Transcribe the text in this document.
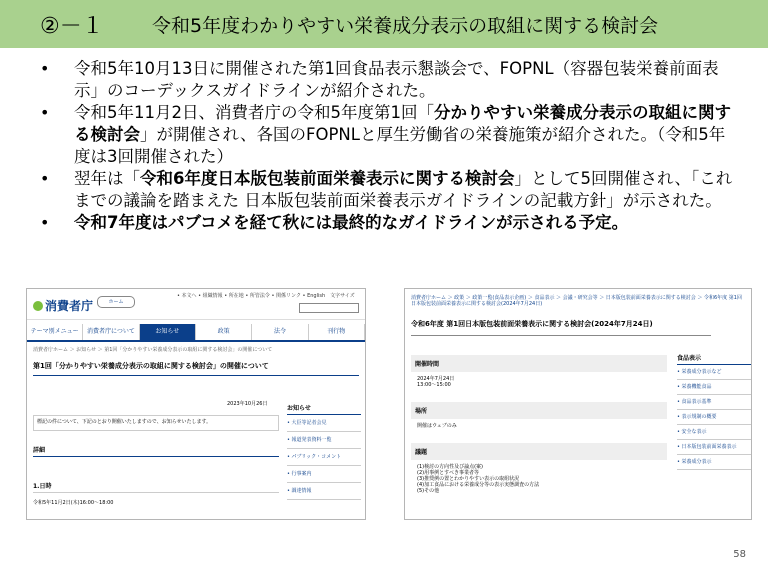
②－１	令和5年度わかりやすい栄養成分表示の取組に関する検討会
• 令和5年10月13日に開催された第1回食品表示懇談会で、FOPNL（容器包装栄養前面表示」のコーデックスガイドラインが紹介された。
• 令和5年11月2日、消費者庁の令和5年度第1回「分かりやすい栄養成分表示の取組に関する検討会」が開催され、各国のFOPNLと厚生労働省の栄養施策が紹介された。（令和5年度は3回開催された）
• 翌年は「令和6年度日本版包装前面栄養表示に関する検討会」として5回開催され、「これまでの議論を踏まえた 日本版包装前面栄養表示ガイドラインの記載方針」が示された。
• 令和7年度はパブコメを経て秋には最終的なガイドラインが示される予定。
消費者庁	ホーム
• 本文へ • 組織情報 • 所在地 • 所管法令 • 関係リンク • English　文字サイズ
テーマ別メニュー	消費者庁について	お知らせ	政策	法令	刊行物
消費者庁ホーム ＞ お知らせ ＞ 第1回「分かりやすい栄養成分表示の取組に関する検討会」の開催について
第1回「分かりやすい栄養成分表示の取組に関する検討会」の開催について
2023年10月26日
標記の件について、下記のとおり開催いたしますので、お知らせいたします。
詳細
1.日時
令和5年11月2日(木)16:00～18:00
お知らせ
• 大臣等記者会見
• 報道発表資料一覧
• パブリック・コメント
• 行事案内
• 調達情報
消費者庁ホーム ＞ 政策 ＞ 政策一覧(食品表示企画) ＞ 食品表示 ＞ 会議・研究会等 ＞ 日本版包装前面栄養表示に関する検討会 ＞ 令和6年度 第1回日本版包装前面栄養表示に関する検討会(2024年7月24日)
令和6年度 第1回日本版包装前面栄養表示に関する検討会(2024年7月24日)
開催時間
2024年7月24日
13:00～15:00
場所
開催はウェブのみ
議題
(1)検討の方向性及び論点(案)
(2)用事例とすべき事業者等
(3)推奨例の置とわかりやすい表示の取組状況
(4)加工食品における栄養成分等の表示実態調査の方法
(5)その他
食品表示
• 栄養成分表示など
• 栄養機能食品
• 食品表示基準
• 表示規制の概要
• 安全な表示
• 日本版包装前面栄養表示
• 栄養成分表示
58
